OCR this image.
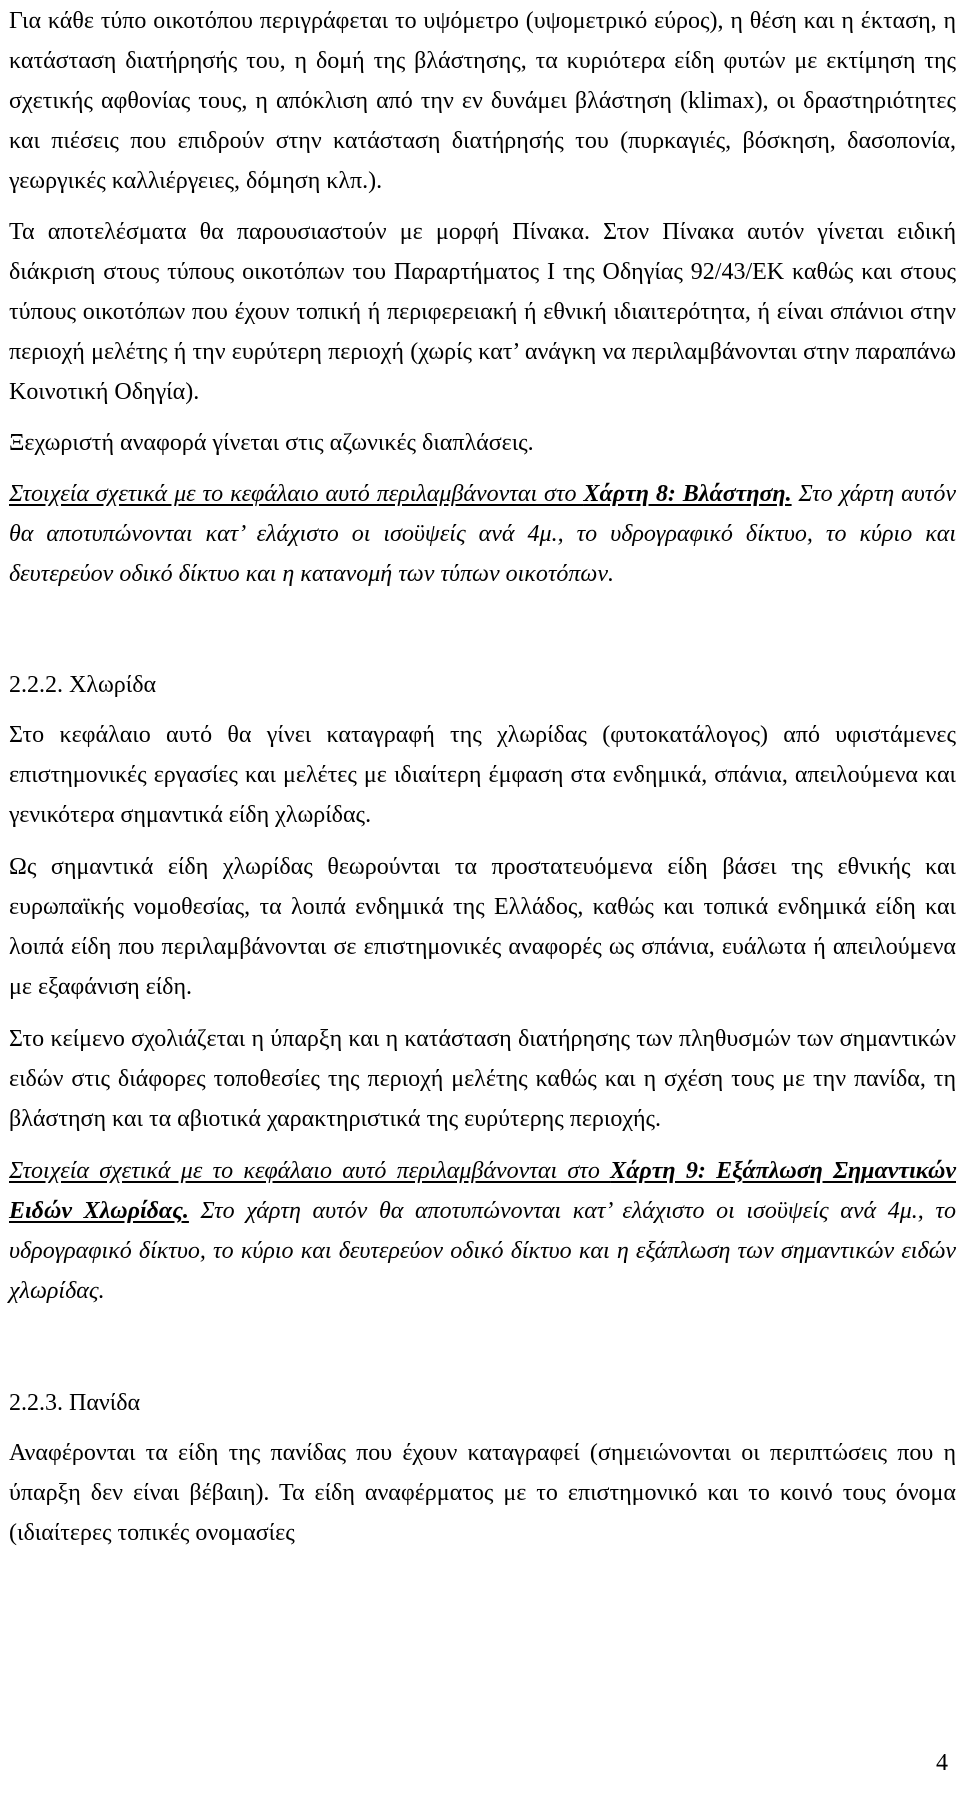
Για κάθε τύπο οικοτόπου περιγράφεται το υψόμετρο (υψομετρικό εύρος), η θέση και η έκταση, η κατάσταση διατήρησής του, η δομή της βλάστησης, τα κυριότερα είδη φυτών με εκτίμηση της σχετικής αφθονίας τους, η απόκλιση από την εν δυνάμει βλάστηση (klimax), οι δραστηριότητες και πιέσεις που επιδρούν στην κατάσταση διατήρησής του (πυρκαγιές, βόσκηση, δασοπονία, γεωργικές καλλιέργειες, δόμηση κλπ.).

Τα αποτελέσματα θα παρουσιαστούν με μορφή Πίνακα. Στον Πίνακα αυτόν γίνεται ειδική διάκριση στους τύπους οικοτόπων του Παραρτήματος Ι της Οδηγίας 92/43/ΕΚ καθώς και στους τύπους οικοτόπων που έχουν τοπική ή περιφερειακή ή εθνική ιδιαιτερότητα, ή είναι σπάνιοι στην περιοχή μελέτης ή την ευρύτερη περιοχή (χωρίς κατ’ ανάγκη να περιλαμβάνονται στην παραπάνω Κοινοτική Οδηγία).

Ξεχωριστή αναφορά γίνεται στις αζωνικές διαπλάσεις.

Στοιχεία σχετικά με το κεφάλαιο αυτό περιλαμβάνονται στο Χάρτη 8: Βλάστηση. Στο χάρτη αυτόν θα αποτυπώνονται κατ’ ελάχιστο οι ισοϋψείς ανά 4μ., το υδρογραφικό δίκτυο, το κύριο και δευτερεύον οδικό δίκτυο και η κατανομή των τύπων οικοτόπων.

2.2.2. Χλωρίδα

Στο κεφάλαιο αυτό θα γίνει καταγραφή της χλωρίδας (φυτοκατάλογος) από υφιστάμενες επιστημονικές εργασίες και μελέτες με ιδιαίτερη έμφαση στα ενδημικά, σπάνια, απειλούμενα και γενικότερα σημαντικά είδη χλωρίδας.

Ως σημαντικά είδη χλωρίδας θεωρούνται τα προστατευόμενα είδη βάσει της εθνικής και ευρωπαϊκής νομοθεσίας, τα λοιπά ενδημικά της Ελλάδος, καθώς και τοπικά ενδημικά είδη και λοιπά είδη που περιλαμβάνονται σε επιστημονικές αναφορές ως σπάνια, ευάλωτα ή απειλούμενα με εξαφάνιση είδη.

Στο κείμενο σχολιάζεται η ύπαρξη και η κατάσταση διατήρησης των πληθυσμών των σημαντικών ειδών στις διάφορες τοποθεσίες της περιοχή μελέτης καθώς και η σχέση τους με την πανίδα, τη βλάστηση και τα αβιοτικά χαρακτηριστικά της ευρύτερης περιοχής.

Στοιχεία σχετικά με το κεφάλαιο αυτό περιλαμβάνονται στο Χάρτη 9: Εξάπλωση Σημαντικών Ειδών Χλωρίδας. Στο χάρτη αυτόν θα αποτυπώνονται κατ’ ελάχιστο οι ισοϋψείς ανά 4μ., το υδρογραφικό δίκτυο, το κύριο και δευτερεύον οδικό δίκτυο και η εξάπλωση των σημαντικών ειδών χλωρίδας.

2.2.3. Πανίδα

Αναφέρονται τα είδη της πανίδας που έχουν καταγραφεί (σημειώνονται οι περιπτώσεις που η ύπαρξη δεν είναι βέβαιη). Τα είδη αναφέρματος με το επιστημονικό και το κοινό τους όνομα (ιδιαίτερες τοπικές ονομασίες

4
